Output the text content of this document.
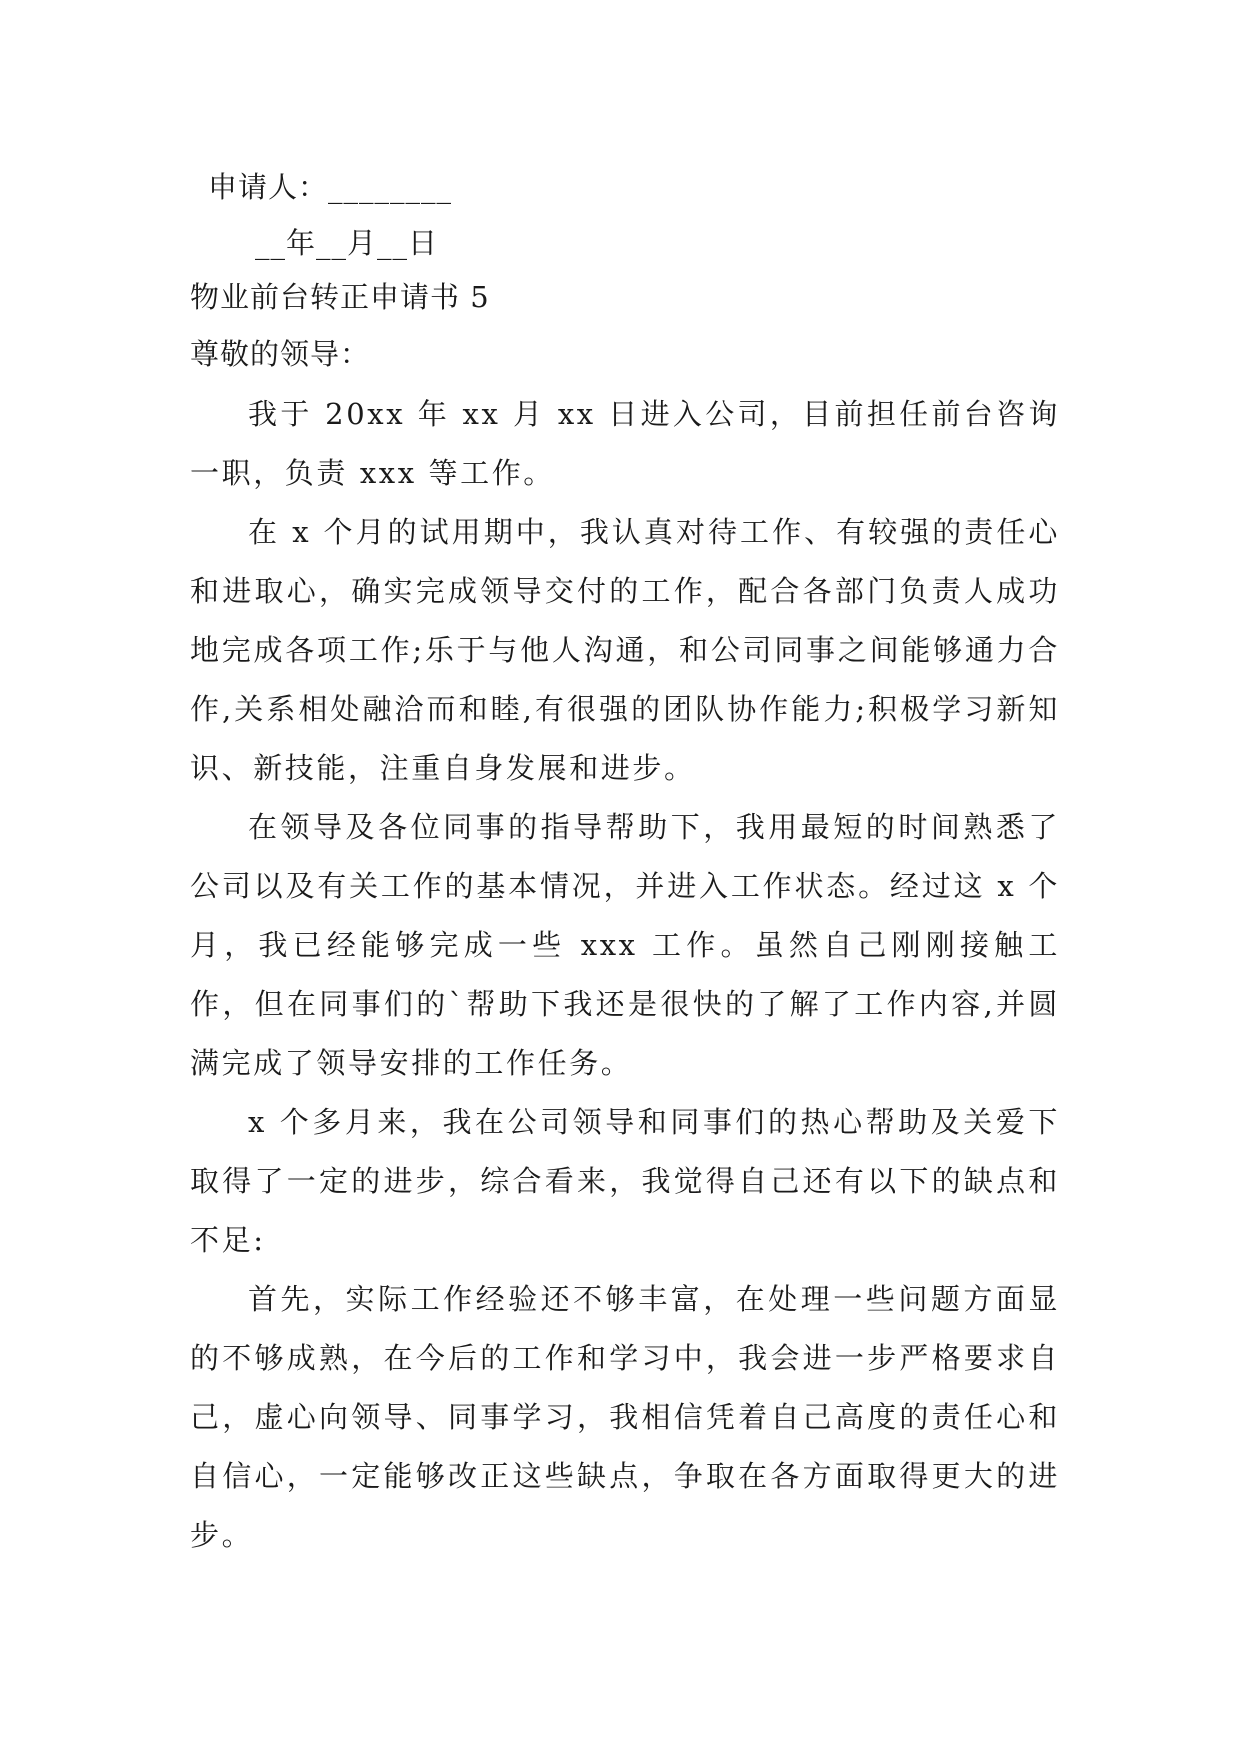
申请人：________
__年__月__日
物业前台转正申请书 5
尊敬的领导：

我于 20xx 年 xx 月 xx 日进入公司，目前担任前台咨询一职，负责 xxx 等工作。

在 x 个月的试用期中，我认真对待工作、有较强的责任心和进取心，确实完成领导交付的工作，配合各部门负责人成功地完成各项工作;乐于与他人沟通，和公司同事之间能够通力合作,关系相处融洽而和睦,有很强的团队协作能力;积极学习新知识、新技能，注重自身发展和进步。

在领导及各位同事的指导帮助下，我用最短的时间熟悉了公司以及有关工作的基本情况，并进入工作状态。经过这 x 个月，我已经能够完成一些 xxx 工作。虽然自己刚刚接触工作，但在同事们的`帮助下我还是很快的了解了工作内容,并圆满完成了领导安排的工作任务。

x 个多月来，我在公司领导和同事们的热心帮助及关爱下取得了一定的进步，综合看来，我觉得自己还有以下的缺点和不足:

首先，实际工作经验还不够丰富，在处理一些问题方面显的不够成熟，在今后的工作和学习中，我会进一步严格要求自己，虚心向领导、同事学习，我相信凭着自己高度的责任心和自信心，一定能够改正这些缺点，争取在各方面取得更大的进步。
